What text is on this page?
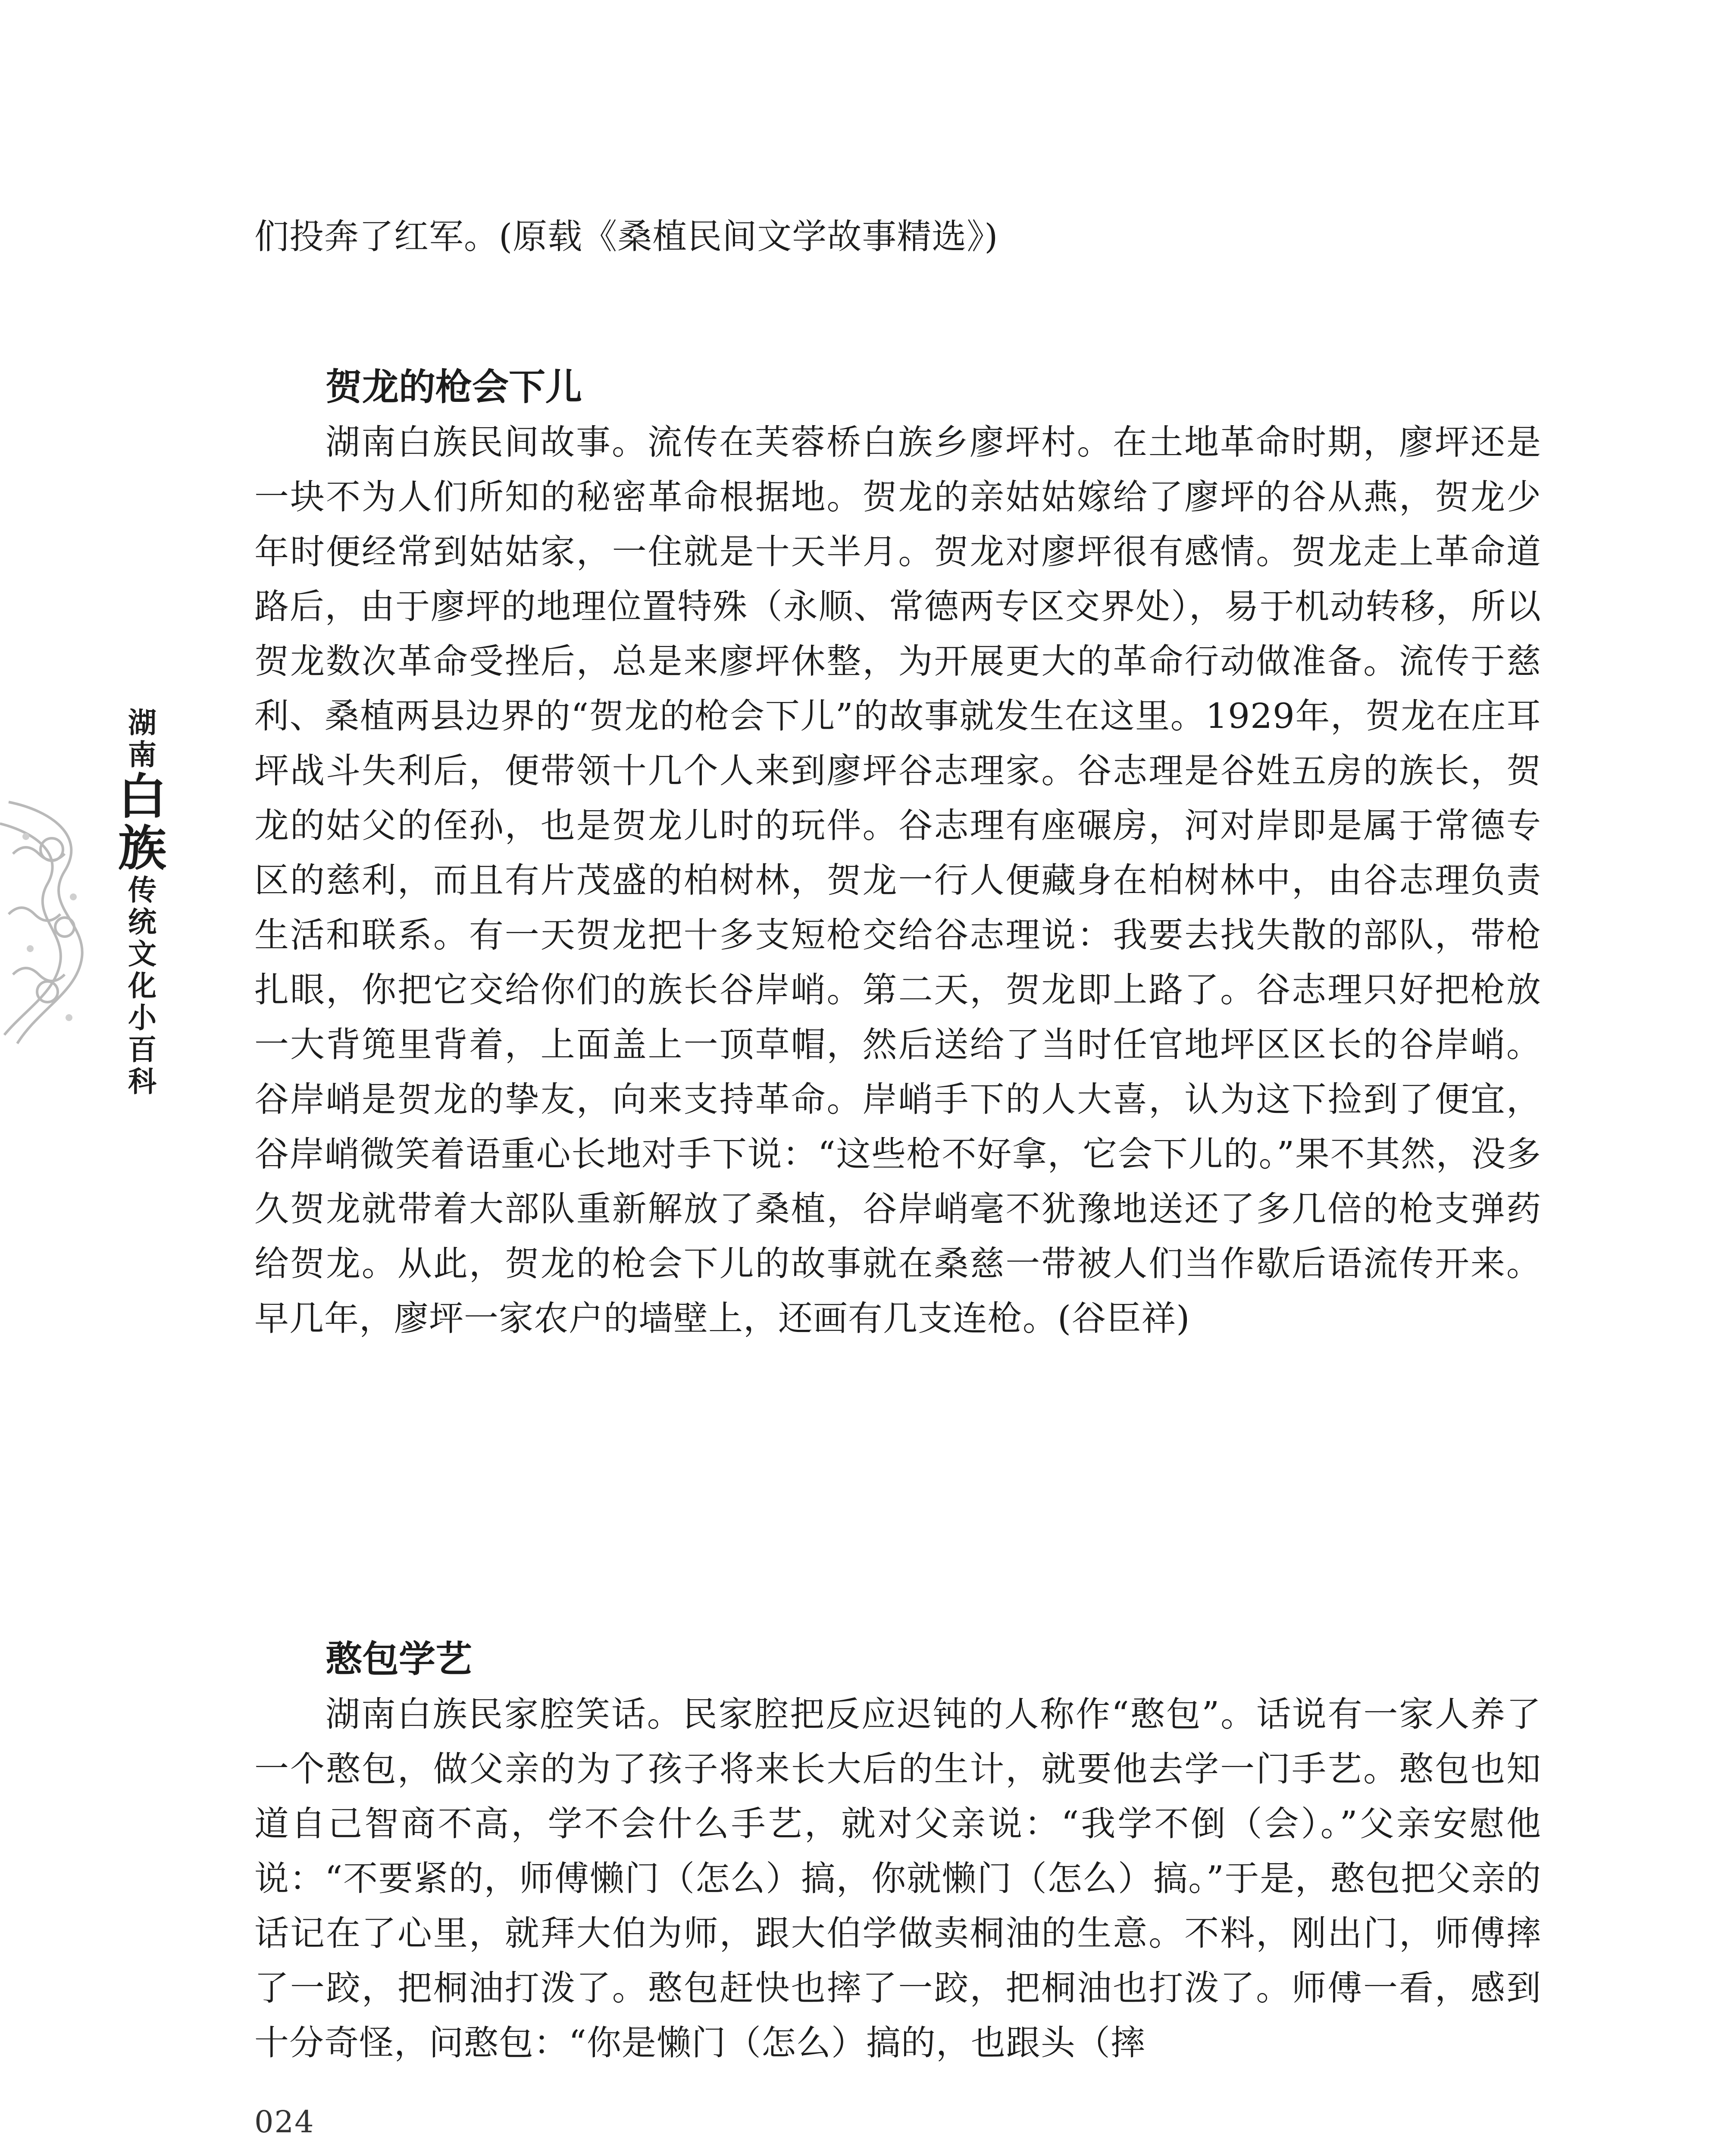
湖
南
白
族
传
统
文
化
小
百
科

们投奔了红军。(原载《桑植民间文学故事精选》)

贺龙的枪会下儿

湖南白族民间故事。流传在芙蓉桥白族乡廖坪村。在土地革命时期，廖坪还是一块不为人们所知的秘密革命根据地。贺龙的亲姑姑嫁给了廖坪的谷从燕，贺龙少年时便经常到姑姑家，一住就是十天半月。贺龙对廖坪很有感情。贺龙走上革命道路后，由于廖坪的地理位置特殊（永顺、常德两专区交界处），易于机动转移，所以贺龙数次革命受挫后，总是来廖坪休整，为开展更大的革命行动做准备。流传于慈利、桑植两县边界的“贺龙的枪会下儿”的故事就发生在这里。1929年，贺龙在庄耳坪战斗失利后，便带领十几个人来到廖坪谷志理家。谷志理是谷姓五房的族长，贺龙的姑父的侄孙，也是贺龙儿时的玩伴。谷志理有座碾房，河对岸即是属于常德专区的慈利，而且有片茂盛的柏树林，贺龙一行人便藏身在柏树林中，由谷志理负责生活和联系。有一天贺龙把十多支短枪交给谷志理说：我要去找失散的部队，带枪扎眼，你把它交给你们的族长谷岸峭。第二天，贺龙即上路了。谷志理只好把枪放一大背篼里背着，上面盖上一顶草帽，然后送给了当时任官地坪区区长的谷岸峭。谷岸峭是贺龙的挚友，向来支持革命。岸峭手下的人大喜，认为这下捡到了便宜，谷岸峭微笑着语重心长地对手下说：“这些枪不好拿，它会下儿的。”果不其然，没多久贺龙就带着大部队重新解放了桑植，谷岸峭毫不犹豫地送还了多几倍的枪支弹药给贺龙。从此，贺龙的枪会下儿的故事就在桑慈一带被人们当作歇后语流传开来。早几年，廖坪一家农户的墙壁上，还画有几支连枪。(谷臣祥)

憨包学艺

湖南白族民家腔笑话。民家腔把反应迟钝的人称作“憨包”。话说有一家人养了一个憨包，做父亲的为了孩子将来长大后的生计，就要他去学一门手艺。憨包也知道自己智商不高，学不会什么手艺，就对父亲说：“我学不倒（会）。”父亲安慰他说：“不要紧的，师傅懒门（怎么）搞，你就懒门（怎么）搞。”于是，憨包把父亲的话记在了心里，就拜大伯为师，跟大伯学做卖桐油的生意。不料，刚出门，师傅摔了一跤，把桐油打泼了。憨包赶快也摔了一跤，把桐油也打泼了。师傅一看，感到十分奇怪，问憨包：“你是懒门（怎么）搞的，也跟头（摔

024
